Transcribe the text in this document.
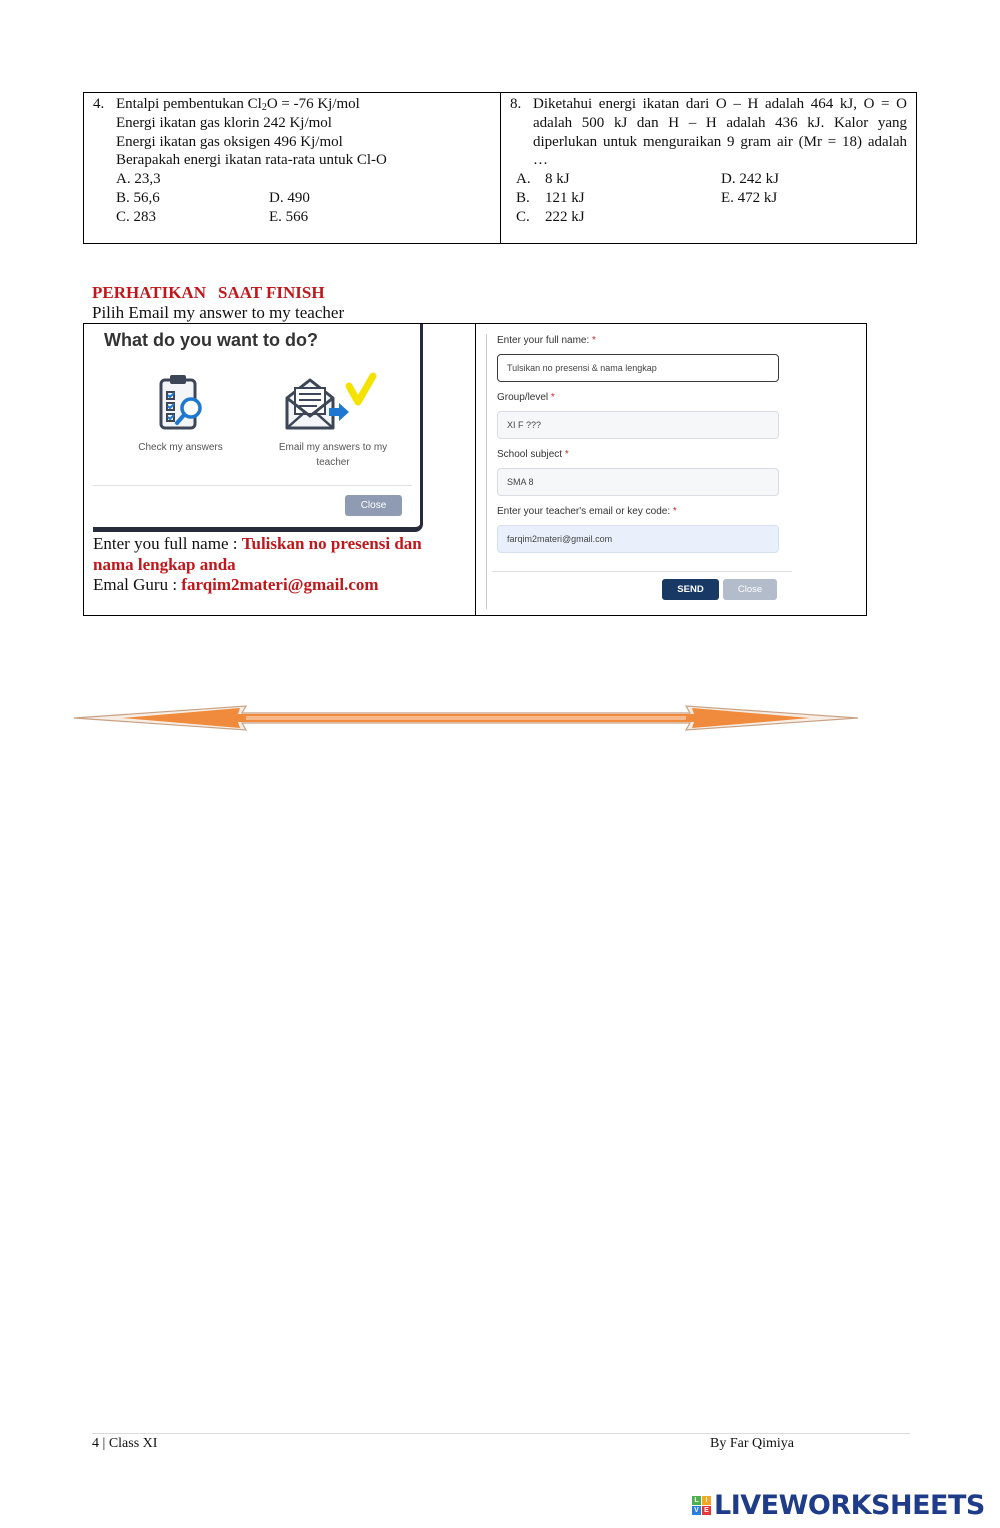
4. Entalpi pembentukan $Cl_2O = -76$ Kj/mol

Energi ikatan gas klorin 242 Kj/mol

Energi ikatan gas oksigen 496 Kj/mol

Berapakah energi ikatan rata-rata untuk Cl-O

A. 23,3
B. 56,6	D. 490
C. 283	E. 566
8. Diketahui energi ikatan dari O – H adalah 464 kJ, O = O adalah 500 kJ dan H – H adalah 436 kJ. Kalor yang diperlukan untuk menguraikan 9 gram air (Mr = 18) adalah …

A. 8 kJ	D. 242 kJ
B. 121 kJ	E. 472 kJ
C. 222 kJ
PERHATIKAN SAAT FINISH
Pilih Email my answer to my teacher
What do you want to do?
Check my answers	Email my answers to my
teacher
Close
Enter you full name : Tuliskan no presensi dan nama lengkap anda
Emal Guru : farqim2materi@gmail.com
Enter your full name: *
Tulsikan no presensi & nama lengkap
Group/level *
XI F ???
School subject *
SMA 8
Enter your teacher's email or key code: *
farqim2materi@gmail.com
SEND	Close
4 | Class XI	By Far Qimiya
L I
V E LIVEWORKSHEETS
